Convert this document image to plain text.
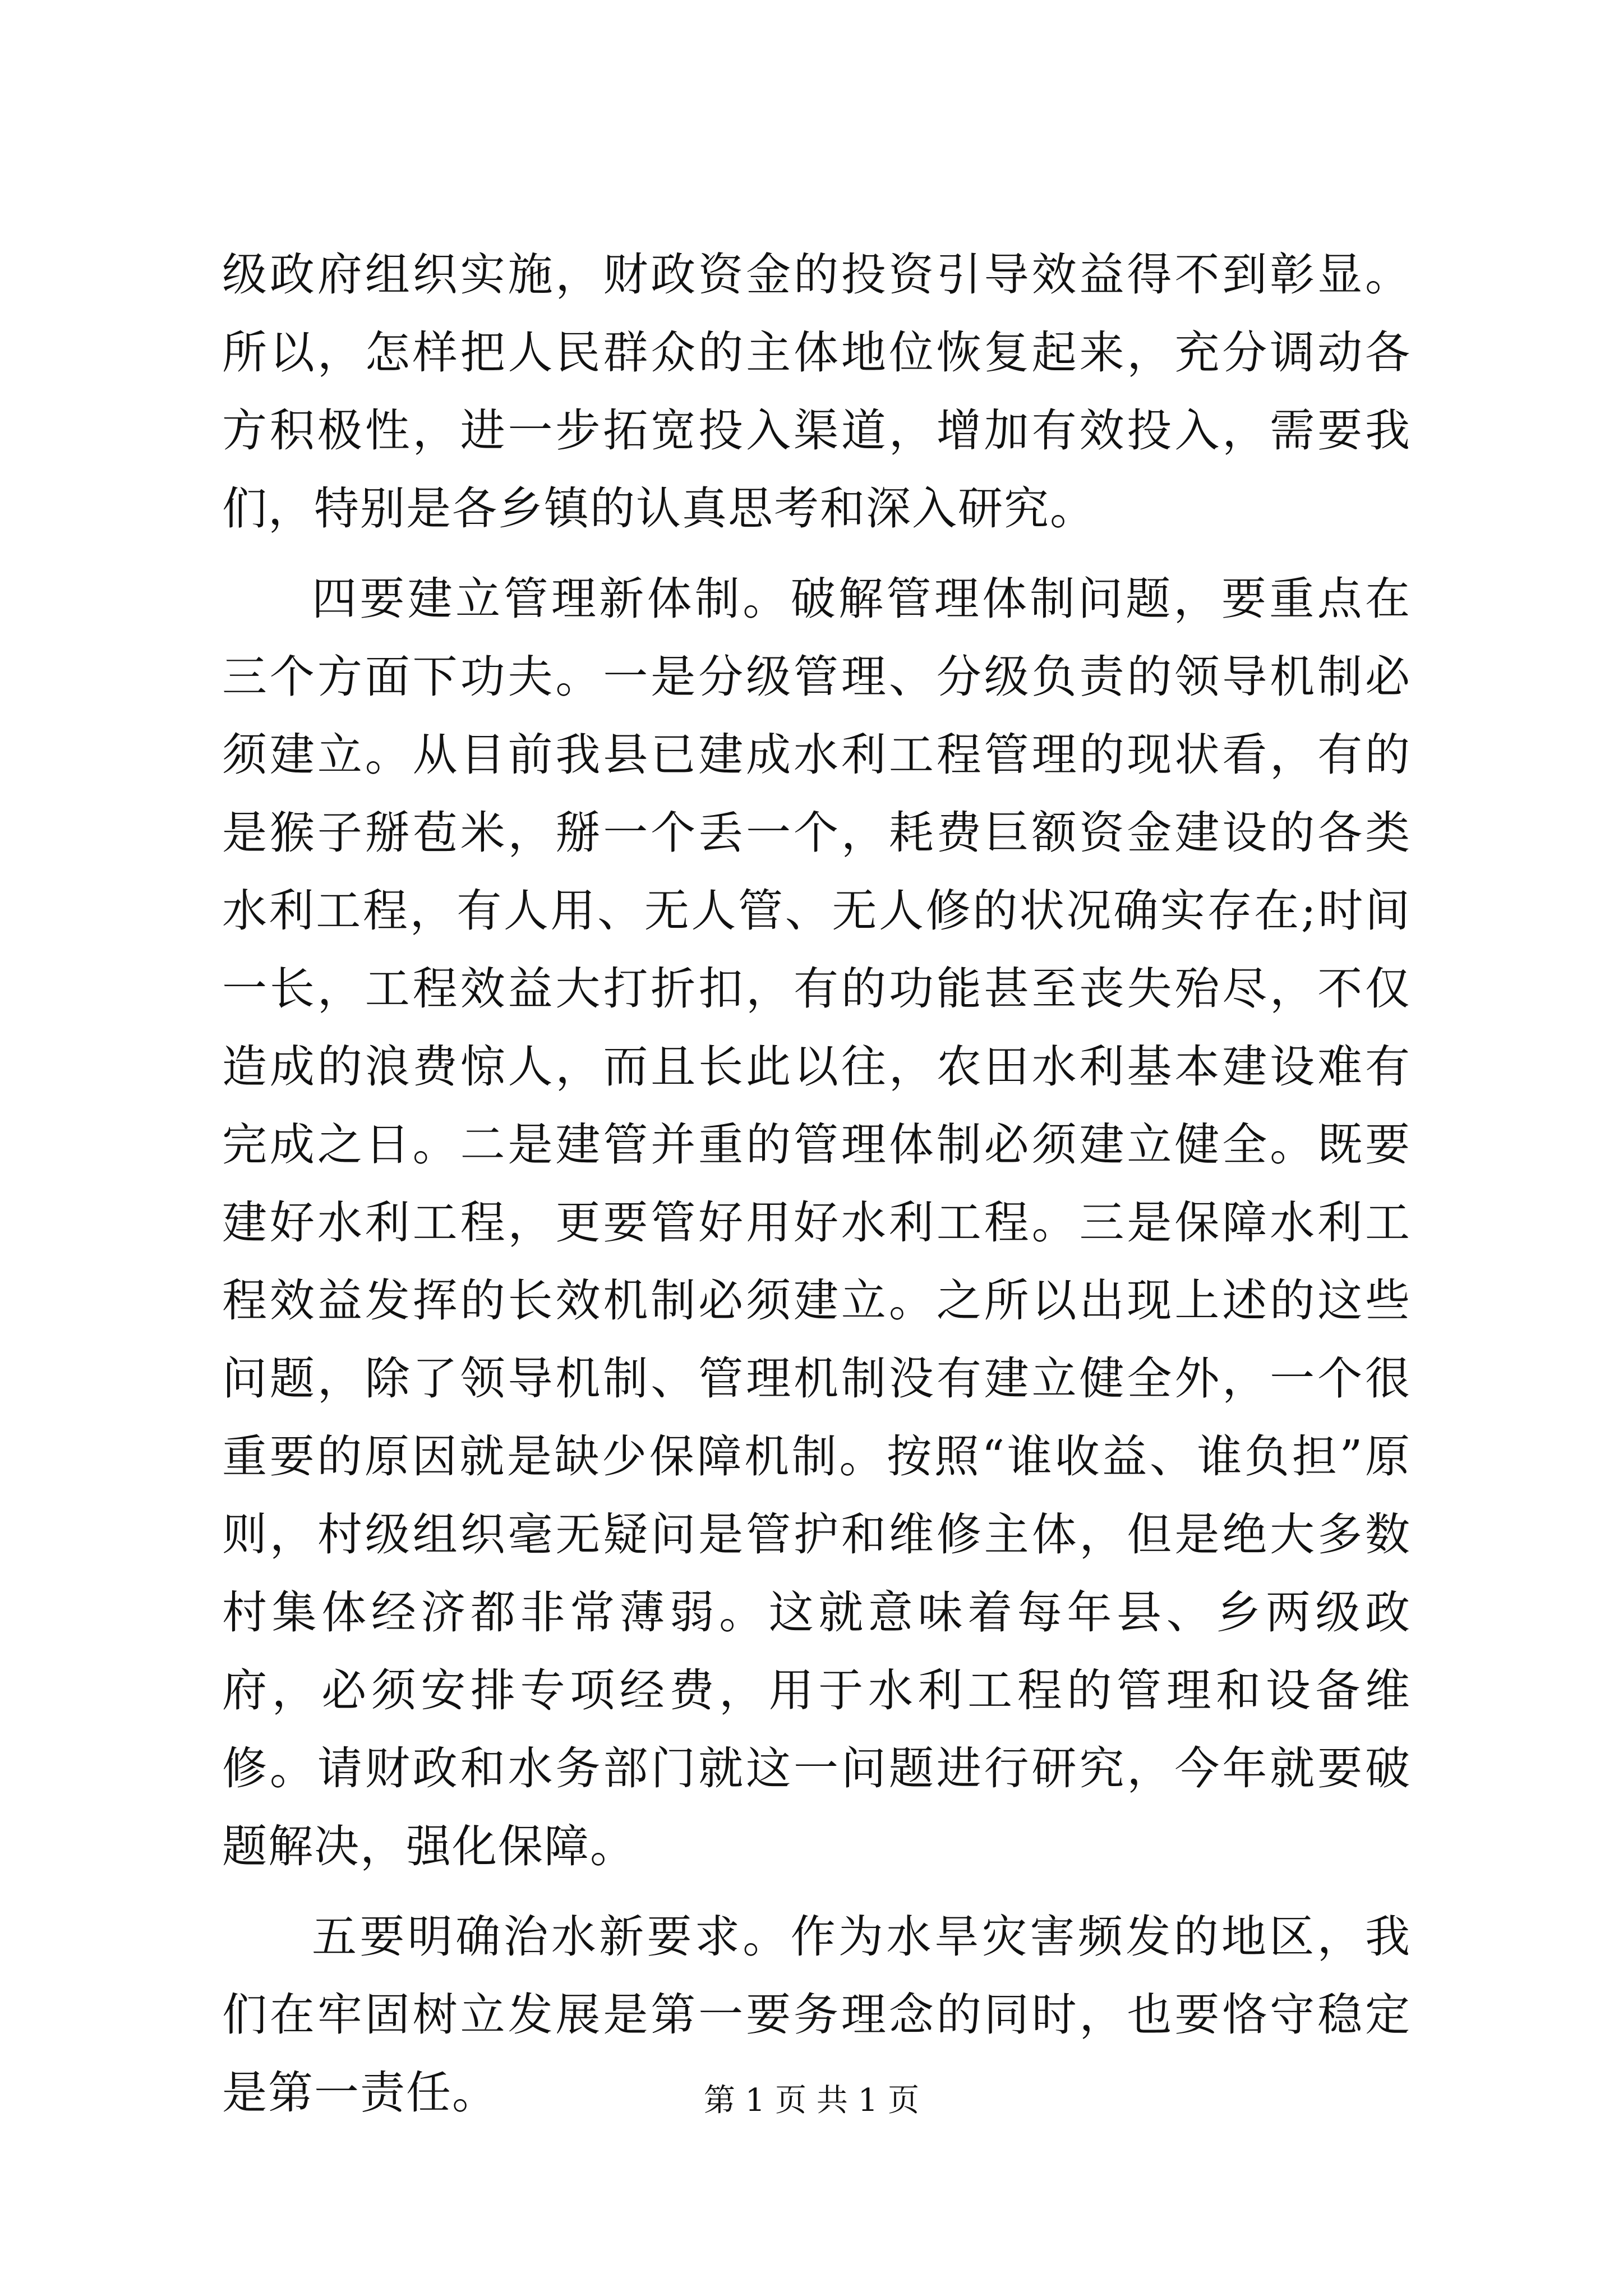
级政府组织实施，财政资金的投资引导效益得不到彰显。所以，怎样把人民群众的主体地位恢复起来，充分调动各方积极性，进一步拓宽投入渠道，增加有效投入，需要我们，特别是各乡镇的认真思考和深入研究。

四要建立管理新体制。破解管理体制问题，要重点在三个方面下功夫。一是分级管理、分级负责的领导机制必须建立。从目前我县已建成水利工程管理的现状看，有的是猴子掰苞米，掰一个丢一个，耗费巨额资金建设的各类水利工程，有人用、无人管、无人修的状况确实存在;时间一长，工程效益大打折扣，有的功能甚至丧失殆尽，不仅造成的浪费惊人，而且长此以往，农田水利基本建设难有完成之日。二是建管并重的管理体制必须建立健全。既要建好水利工程，更要管好用好水利工程。三是保障水利工程效益发挥的长效机制必须建立。之所以出现上述的这些问题，除了领导机制、管理机制没有建立健全外，一个很重要的原因就是缺少保障机制。按照“谁收益、谁负担”原则，村级组织毫无疑问是管护和维修主体，但是绝大多数村集体经济都非常薄弱。这就意味着每年县、乡两级政府，必须安排专项经费，用于水利工程的管理和设备维修。请财政和水务部门就这一问题进行研究，今年就要破题解决，强化保障。

五要明确治水新要求。作为水旱灾害频发的地区，我们在牢固树立发展是第一要务理念的同时，也要恪守稳定是第一责任。	第 1 页 共 1 页
